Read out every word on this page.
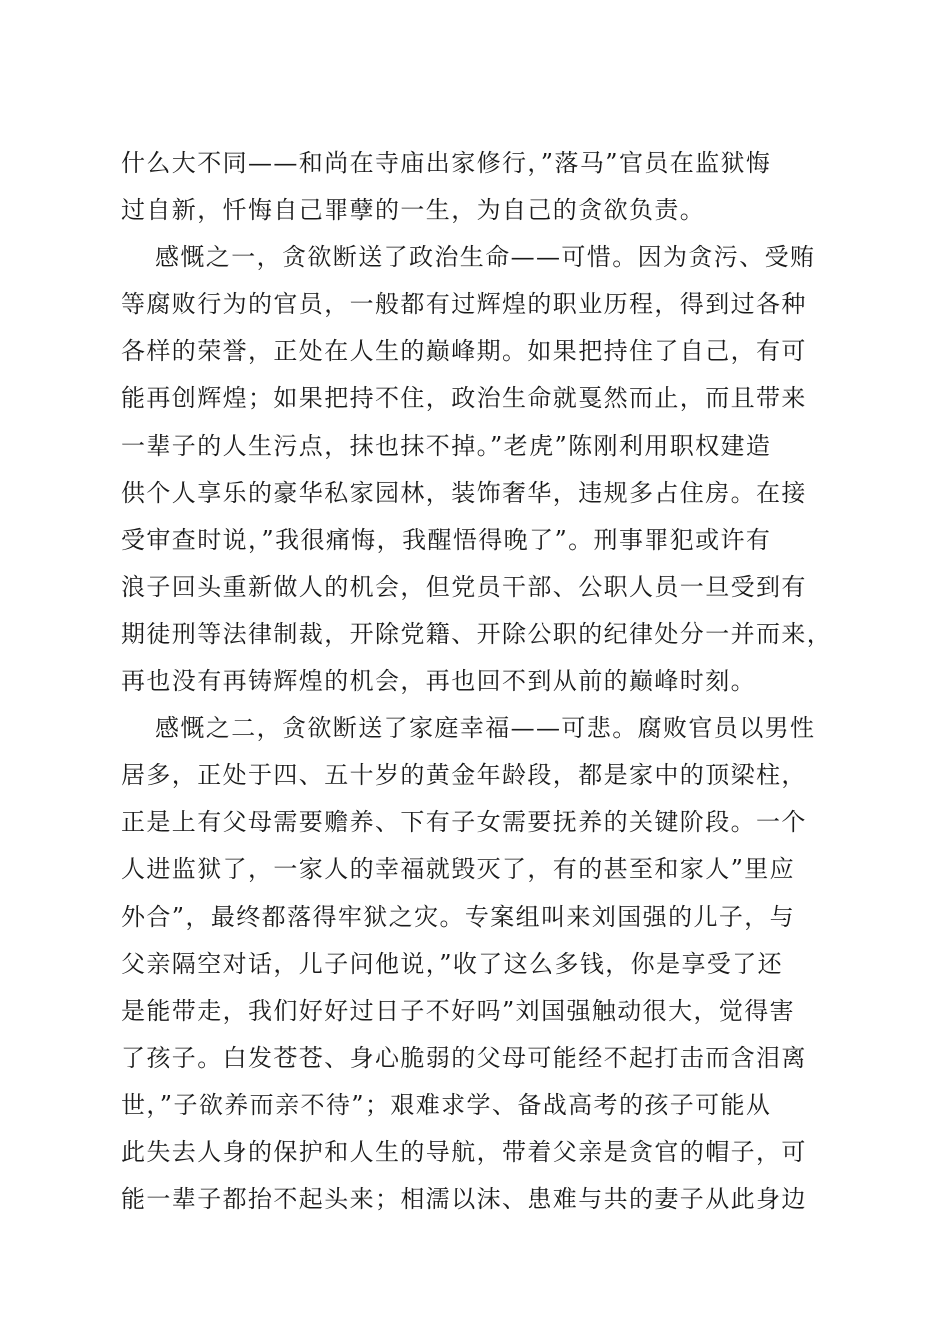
什么大不同——和尚在寺庙出家修行，”落马”官员在监狱悔
过自新，忏悔自己罪孽的一生，为自己的贪欲负责。
感慨之一，贪欲断送了政治生命——可惜。因为贪污、受贿
等腐败行为的官员，一般都有过辉煌的职业历程，得到过各种
各样的荣誉，正处在人生的巅峰期。如果把持住了自己，有可
能再创辉煌；如果把持不住，政治生命就戛然而止，而且带来
一辈子的人生污点，抹也抹不掉。”老虎”陈刚利用职权建造
供个人享乐的豪华私家园林，装饰奢华，违规多占住房。在接
受审查时说，”我很痛悔，我醒悟得晚了”。刑事罪犯或许有
浪子回头重新做人的机会，但党员干部、公职人员一旦受到有
期徒刑等法律制裁，开除党籍、开除公职的纪律处分一并而来，
再也没有再铸辉煌的机会，再也回不到从前的巅峰时刻。
感慨之二，贪欲断送了家庭幸福——可悲。腐败官员以男性
居多，正处于四、五十岁的黄金年龄段，都是家中的顶梁柱，
正是上有父母需要赡养、下有子女需要抚养的关键阶段。一个
人进监狱了，一家人的幸福就毁灭了，有的甚至和家人”里应
外合”，最终都落得牢狱之灾。专案组叫来刘国强的儿子，与
父亲隔空对话，儿子问他说，”收了这么多钱，你是享受了还
是能带走，我们好好过日子不好吗”刘国强触动很大，觉得害
了孩子。白发苍苍、身心脆弱的父母可能经不起打击而含泪离
世，”子欲养而亲不待”；艰难求学、备战高考的孩子可能从
此失去人身的保护和人生的导航，带着父亲是贪官的帽子，可
能一辈子都抬不起头来；相濡以沫、患难与共的妻子从此身边
